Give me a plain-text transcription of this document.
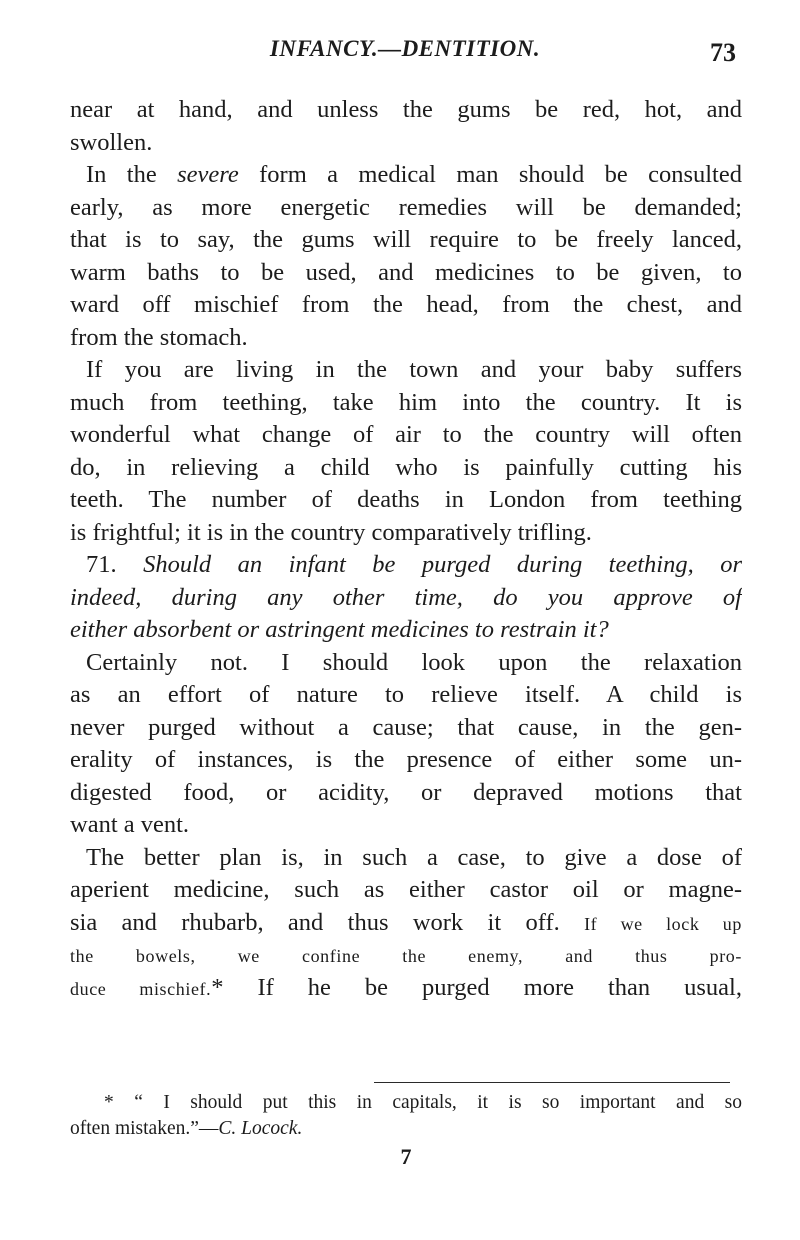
INFANCY.—DENTITION.	73
near at hand, and unless the gums be red, hot, and
swollen.
In the severe form a medical man should be consulted
early, as more energetic remedies will be demanded;
that is to say, the gums will require to be freely lanced,
warm baths to be used, and medicines to be given, to
ward off mischief from the head, from the chest, and
from the stomach.
If you are living in the town and your baby suffers
much from teething, take him into the country. It is
wonderful what change of air to the country will often
do, in relieving a child who is painfully cutting his
teeth. The number of deaths in London from teething
is frightful; it is in the country comparatively trifling.
71. Should an infant be purged during teething, or
indeed, during any other time, do you approve of
either absorbent or astringent medicines to restrain it?
Certainly not. I should look upon the relaxation
as an effort of nature to relieve itself. A child is
never purged without a cause; that cause, in the gen-
erality of instances, is the presence of either some un-
digested food, or acidity, or depraved motions that
want a vent.
The better plan is, in such a case, to give a dose of
aperient medicine, such as either castor oil or magne-
sia and rhubarb, and thus work it off. If we lock up
the bowels, we confine the enemy, and thus pro-
duce mischief.* If he be purged more than usual,
* “ I should put this in capitals, it is so important and so
often mistaken.”—C. Locock.
7
